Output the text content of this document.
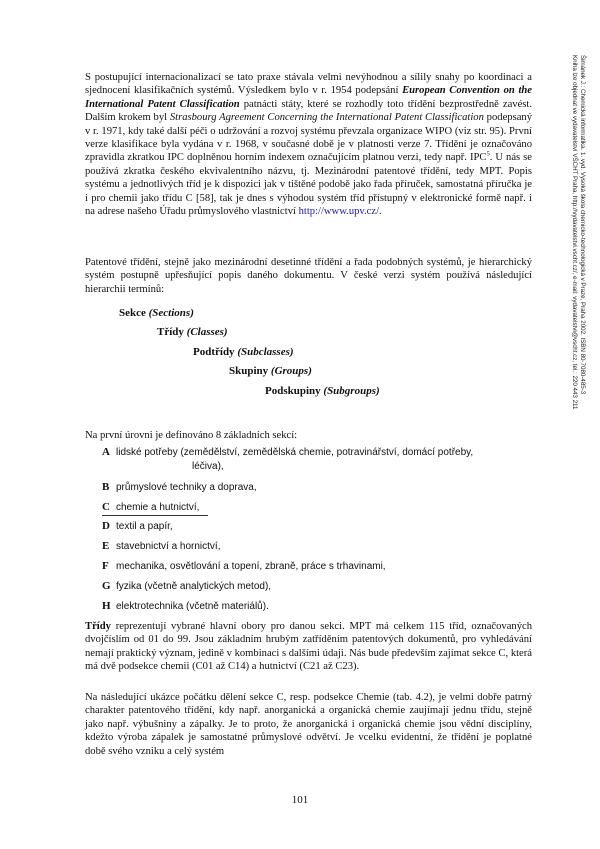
S postupující internacionalizací se tato praxe stávala velmi nevýhodnou a sílily snahy po koordinaci a sjednocení klasifikačních systémů. Výsledkem bylo v r. 1954 podepsání European Convention on the International Patent Classification patnácti státy, které se rozhodly toto třídění bezprostředně zavést. Dalším krokem byl Strasbourg Agreement Concerning the International Patent Classification podepsaný v r. 1971, kdy také další péči o udržování a rozvoj systému převzala organizace WIPO (viz str. 95). První verze klasifikace byla vydána v r. 1968, v současné době je v platnosti verze 7. Třídění je označováno zpravidla zkratkou IPC doplněnou horním indexem označujícím platnou verzi, tedy např. IPC$^5$. U nás se používá zkratka českého ekvivalentního názvu, tj. Mezinárodní patentové třídění, tedy MPT. Popis systému a jednotlivých tříd je k dispozici jak v tištěné podobě jako řada příruček, samostatná příručka je i pro chemii jako třídu C [58], tak je dnes s výhodou systém tříd přístupný v elektronické formě např. i na adrese našeho Úřadu průmyslového vlastnictví http://www.upv.cz/.

Patentové třídění, stejně jako mezinárodní desetinné třídění a řada podobných systémů, je hierarchický systém postupně upřesňující popis daného dokumentu. V české verzi systém používá následující hierarchii termínů:

Sekce (Sections)
Třídy (Classes)
Podtřídy (Subclasses)
Skupiny (Groups)
Podskupiny (Subgroups)

Na první úrovni je definováno 8 základních sekcí:

A lidské potřeby (zemědělství, zemědělská chemie, potravinářství, domácí potřeby,
léčiva),
B průmyslové techniky a doprava,
C chemie a hutnictví,
D textil a papír,
E stavebnictví a hornictví,
F mechanika, osvětlování a topení, zbraně, práce s trhavinami,
G fyzika (včetně analytických metod),
H elektrotechnika (včetně materiálů).

Třídy reprezentují vybrané hlavní obory pro danou sekci. MPT má celkem 115 tříd, označovaných dvojčíslím od 01 do 99. Jsou základním hrubým zatříděním patentových dokumentů, pro vyhledávání nemají praktický význam, jedině v kombinaci s dalšími údaji. Nás bude především zajímat sekce C, která má dvě podsekce chemii (C01 až C14) a hutnictví (C21 až C23).

Na následující ukázce počátku dělení sekce C, resp. podsekce Chemie (tab. 4.2), je velmi dobře patrný charakter patentového třídění, kdy např. anorganická a organická chemie zaujímají jednu třídu, stejně jako např. výbušniny a zápalky. Je to proto, že anorganická i organická chemie jsou vědní disciplíny, kdežto výroba zápalek je samostatné průmyslové odvětví. Je vcelku evidentní, že třídění je poplatné době svého vzniku a celý systém

101
Šimánek J.: Chemická informatika. 1. vyd. Vysoká škola chemicko-technologická v Praze, Praha 2002. ISBN 80-7080-485-3
Kniha lze objednat ve vydavatelství VŠCHT Praha, http://vydavatelstvi.vscht.cz/, e-mail: vydavatelstvi@vscht.cz, tel.: 220 443 211
